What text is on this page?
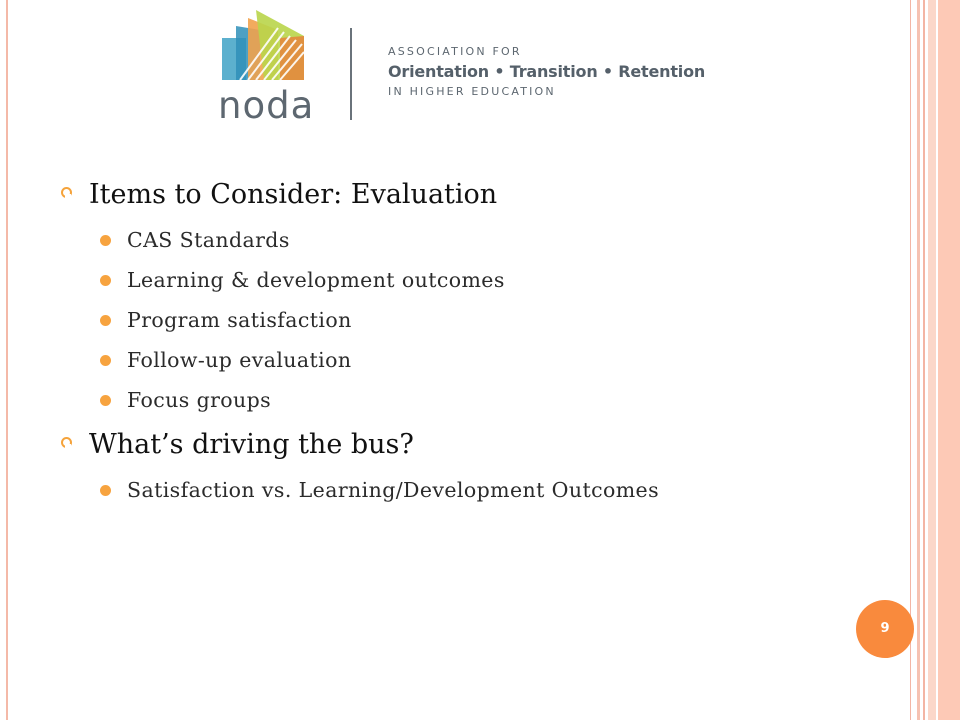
noda
ASSOCIATION FOR
Orientation • Transition • Retention
IN HIGHER EDUCATION
Items to Consider: Evaluation
CAS Standards
Learning & development outcomes
Program satisfaction
Follow-up evaluation
Focus groups
What’s driving the bus?
Satisfaction vs. Learning/Development Outcomes
9
